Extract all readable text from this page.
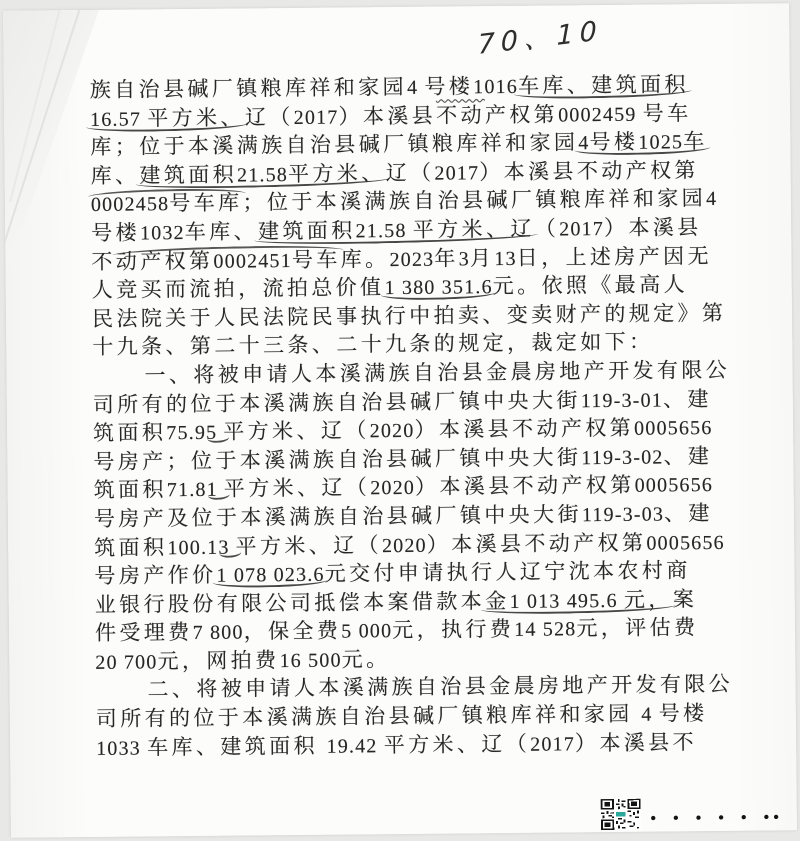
70、10
族自治县碱厂镇粮库祥和家园4 号楼1016车库、建筑面积
16.57 平方米、辽（2017）本溪县不动产权第0002459 号车
库；位于本溪满族自治县碱厂镇粮库祥和家园4号楼1025车
库、建筑面积21.58平方米、辽（2017）本溪县不动产权第
0002458号车库；位于本溪满族自治县碱厂镇粮库祥和家园4
号楼1032车库、建筑面积21.58 平方米、辽（2017）本溪县
不动产权第0002451号车库。2023年3月13日，上述房产因无
人竞买而流拍，流拍总价值1 380 351.6元。依照《最高人
民法院关于人民法院民事执行中拍卖、变卖财产的规定》第
十九条、第二十三条、二十九条的规定，裁定如下：
一、将被申请人本溪满族自治县金晨房地产开发有限公
司所有的位于本溪满族自治县碱厂镇中央大街119-3-01、建
筑面积75.95 平方米、辽（2020）本溪县不动产权第0005656
号房产；位于本溪满族自治县碱厂镇中央大街119-3-02、建
筑面积71.81 平方米、辽（2020）本溪县不动产权第0005656
号房产及位于本溪满族自治县碱厂镇中央大街119-3-03、建
筑面积100.13 平方米、辽（2020）本溪县不动产权第0005656
号房产作价1 078 023.6元交付申请执行人辽宁沈本农村商
业银行股份有限公司抵偿本案借款本金1 013 495.6 元，案
件受理费7 800，保全费5 000元，执行费14 528元，评估费
20 700元，网拍费16 500元。
二、将被申请人本溪满族自治县金晨房地产开发有限公
司所有的位于本溪满族自治县碱厂镇粮库祥和家园 4 号楼
1033 车库、建筑面积 19.42 平方米、辽（2017）本溪县不
• • • • • ••
